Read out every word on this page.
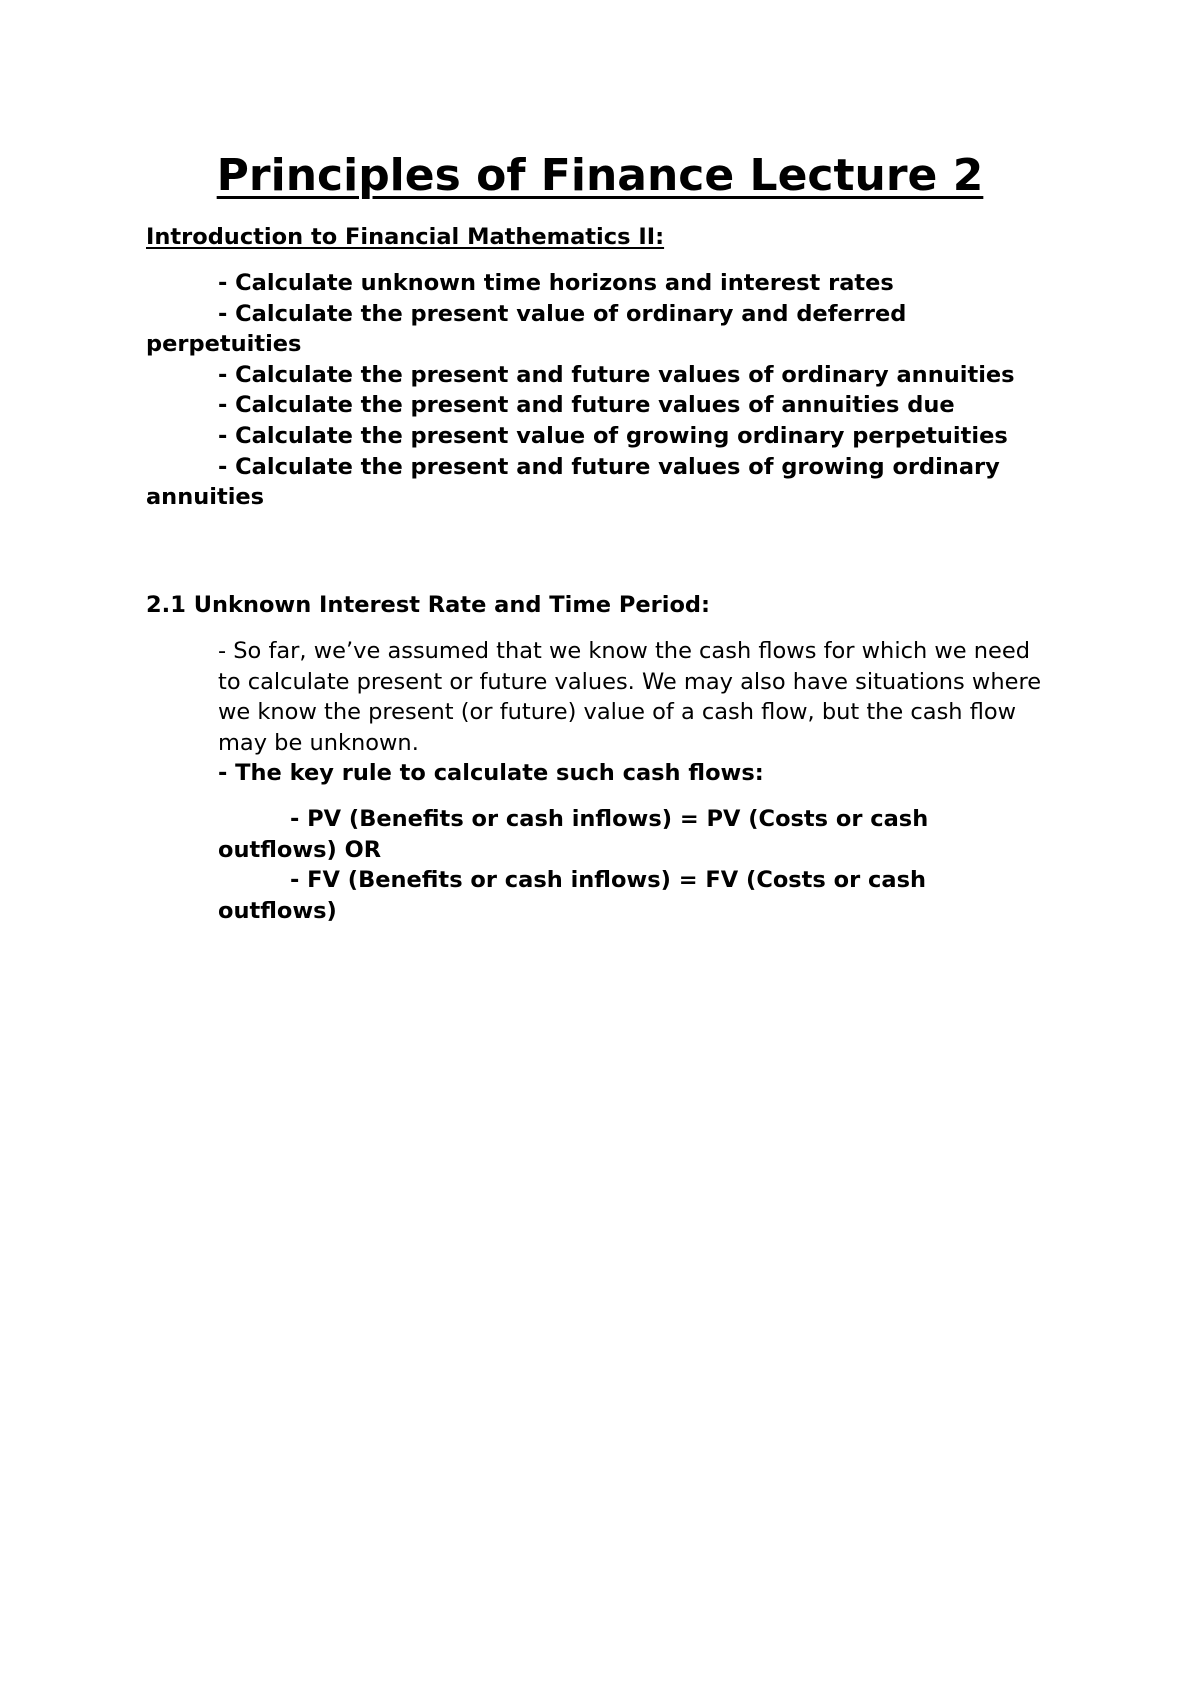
Principles of Finance Lecture 2

Introduction to Financial Mathematics II:

- Calculate unknown time horizons and interest rates
- Calculate the present value of ordinary and deferred perpetuities
- Calculate the present and future values of ordinary annuities
- Calculate the present and future values of annuities due
- Calculate the present value of growing ordinary perpetuities
- Calculate the present and future values of growing ordinary annuities

2.1 Unknown Interest Rate and Time Period:

- So far, we’ve assumed that we know the cash flows for which we need to calculate present or future values. We may also have situations where we know the present (or future) value of a cash flow, but the cash flow may be unknown.

- The key rule to calculate such cash flows:

- PV (Benefits or cash inflows) = PV (Costs or cash outflows) OR
- FV (Benefits or cash inflows) = FV (Costs or cash outflows)
